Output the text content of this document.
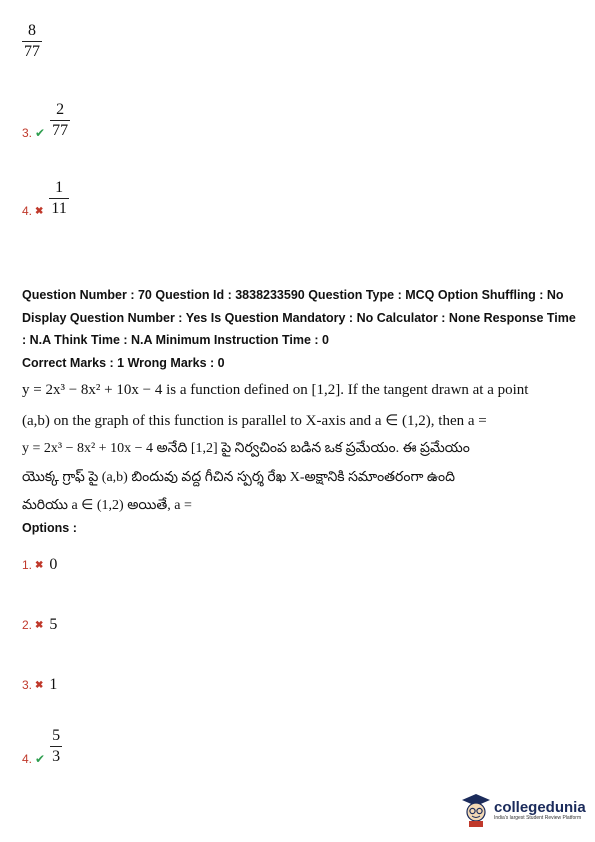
8
77
3. ✔ $\frac{2}{77}$
4. ✖ $\frac{1}{11}$
Question Number : 70 Question Id : 3838233590 Question Type : MCQ Option Shuffling : No
Display Question Number : Yes Is Question Mandatory : No Calculator : None Response Time
: N.A Think Time : N.A Minimum Instruction Time : 0
Correct Marks : 1 Wrong Marks : 0
y = 2x³ − 8x² + 10x − 4 is a function defined on [1,2]. If the tangent drawn at a point
(a,b) on the graph of this function is parallel to X-axis and a ∈ (1,2), then a =
y = 2x³ − 8x² + 10x − 4 అనేది [1,2] పై నిర్వచింప బడిన ఒక ప్రమేయం. ఈ ప్రమేయం
యొక్క గ్రాఫ్ పై (a,b) బిందువు వద్ద గీచిన స్పర్శ రేఖ X-అక్షానికి సమాంతరంగా ఉంది
మరియు a ∈ (1,2) అయితే, a =
Options :
1. ✖ 0
2. ✖ 5
3. ✖ 1
4. ✔ $\frac{5}{3}$
collegedunia
India's largest Student Review Platform
